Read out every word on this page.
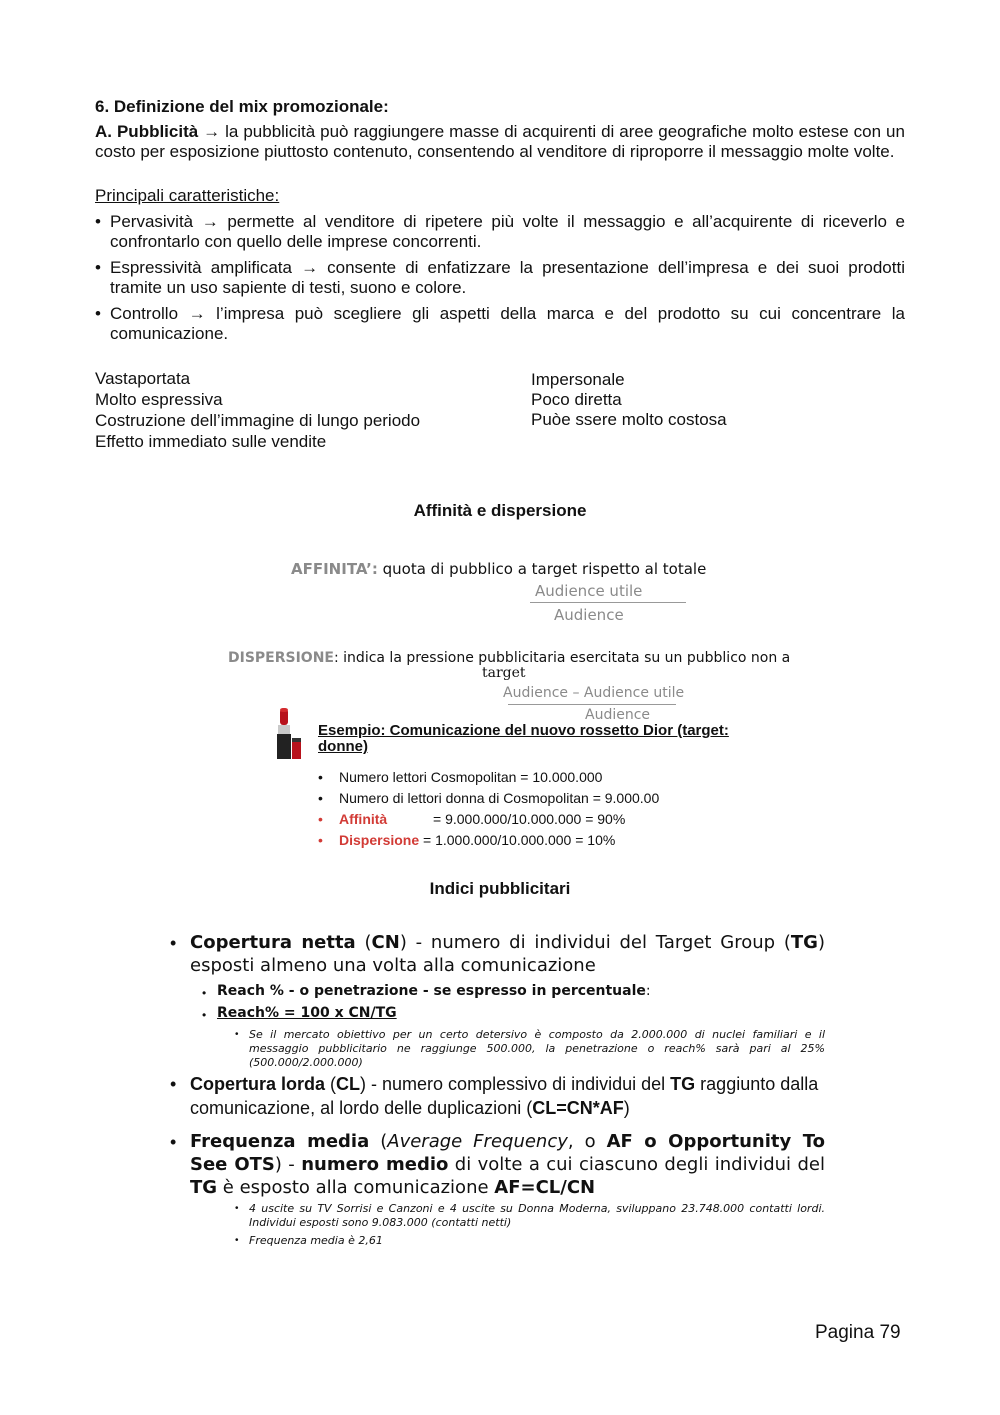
6. Definizione del mix promozionale:
A. Pubblicità → la pubblicità può raggiungere masse di acquirenti di aree geografiche molto estese con un costo per esposizione piuttosto contenuto, consentendo al venditore di riproporre il messaggio molte volte.
Principali caratteristiche:
• Pervasività → permette al venditore di ripetere più volte il messaggio e all’acquirente di riceverlo e confrontarlo con quello delle imprese concorrenti.
• Espressività amplificata → consente di enfatizzare la presentazione dell’impresa e dei suoi prodotti tramite un uso sapiente di testi, suono e colore.
• Controllo → l’impresa può scegliere gli aspetti della marca e del prodotto su cui concentrare la comunicazione.
Vastaportata
Molto espressiva
Costruzione dell’immagine di lungo periodo
Effetto immediato sulle vendite
Impersonale
Poco diretta
Puòe ssere molto costosa
Affinità e dispersione
AFFINITA’: quota di pubblico a target rispetto al totale
Audience utile
Audience
DISPERSIONE: indica la pressione pubblicitaria esercitata su un pubblico non a
target
Audience – Audience utile
Audience
Esempio: Comunicazione del nuovo rossetto Dior (target: donne)
• Numero lettori Cosmopolitan = 10.000.000
• Numero di lettori donna di Cosmopolitan = 9.000.00
• Affinità	= 9.000.000/10.000.000 = 90%
• Dispersione = 1.000.000/10.000.000 = 10%
Indici pubblicitari
• Copertura netta (CN) - numero di individui del Target Group (TG) esposti almeno una volta alla comunicazione
• Reach % - o penetrazione - se espresso in percentuale:
• Reach% = 100 x CN/TG
• Se il mercato obiettivo per un certo detersivo è composto da 2.000.000 di nuclei familiari e il messaggio pubblicitario ne raggiunge 500.000, la penetrazione o reach% sarà pari al 25% (500.000/2.000.000)
• Copertura lorda (CL) - numero complessivo di individui del TG raggiunto dalla comunicazione, al lordo delle duplicazioni (CL=CN*AF)
• Frequenza media (Average Frequency, o AF o Opportunity To See OTS) - numero medio di volte a cui ciascuno degli individui del TG è esposto alla comunicazione AF=CL/CN
• 4 uscite su TV Sorrisi e Canzoni e 4 uscite su Donna Moderna, sviluppano 23.748.000 contatti lordi. Individui esposti sono 9.083.000 (contatti netti)
• Frequenza media è 2,61
Pagina 79
